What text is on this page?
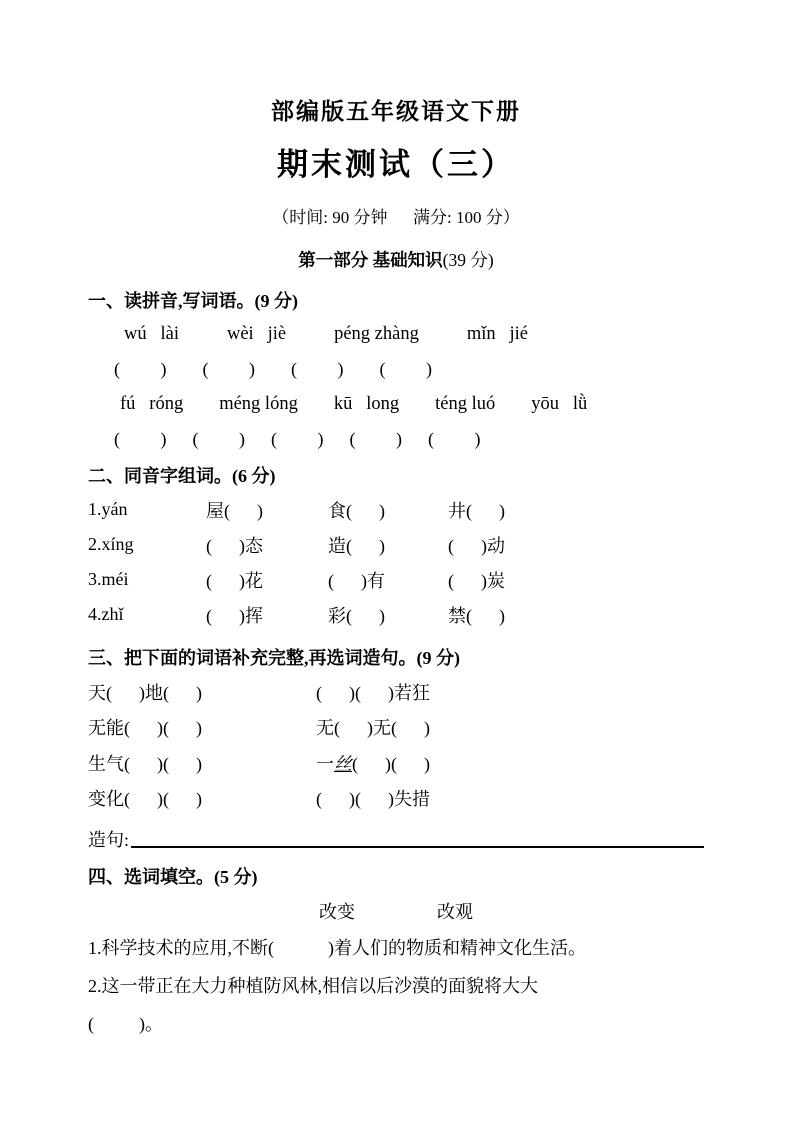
部编版五年级语文下册
期末测试（三）
（时间: 90 分钟      满分: 100 分）
第一部分 基础知识(39 分)
一、读拼音,写词语。(9 分)
wú   lài	wèi   jiè	péng zhàng	mǐn   jié
(         ) (         ) (         ) (         )
fú   róng méng lóng kū   long téng luó yōu   lǜ
(         ) (         ) (         ) (         ) (         )
二、同音字组词。(6 分)
1.yán	屋(      )	食(      )	井(      )
2.xíng	(      )态	造(      )	(      )动
3.méi	(      )花	(      )有	(      )炭
4.zhǐ	(      )挥	彩(      )	禁(      )
三、把下面的词语补充完整,再选词造句。(9 分)
天(      )地(      )	(      )(      )若狂
无能(      )(      )	无(      )无(      )
生气(      )(      )	一丝(      )(      )
变化(      )(      )	(      )(      )失措
造句:
四、选词填空。(5 分)
改变	改观
1.科学技术的应用,不断(            )着人们的物质和精神文化生活。
2.这一带正在大力种植防风林,相信以后沙漠的面貌将大大
(          )。
